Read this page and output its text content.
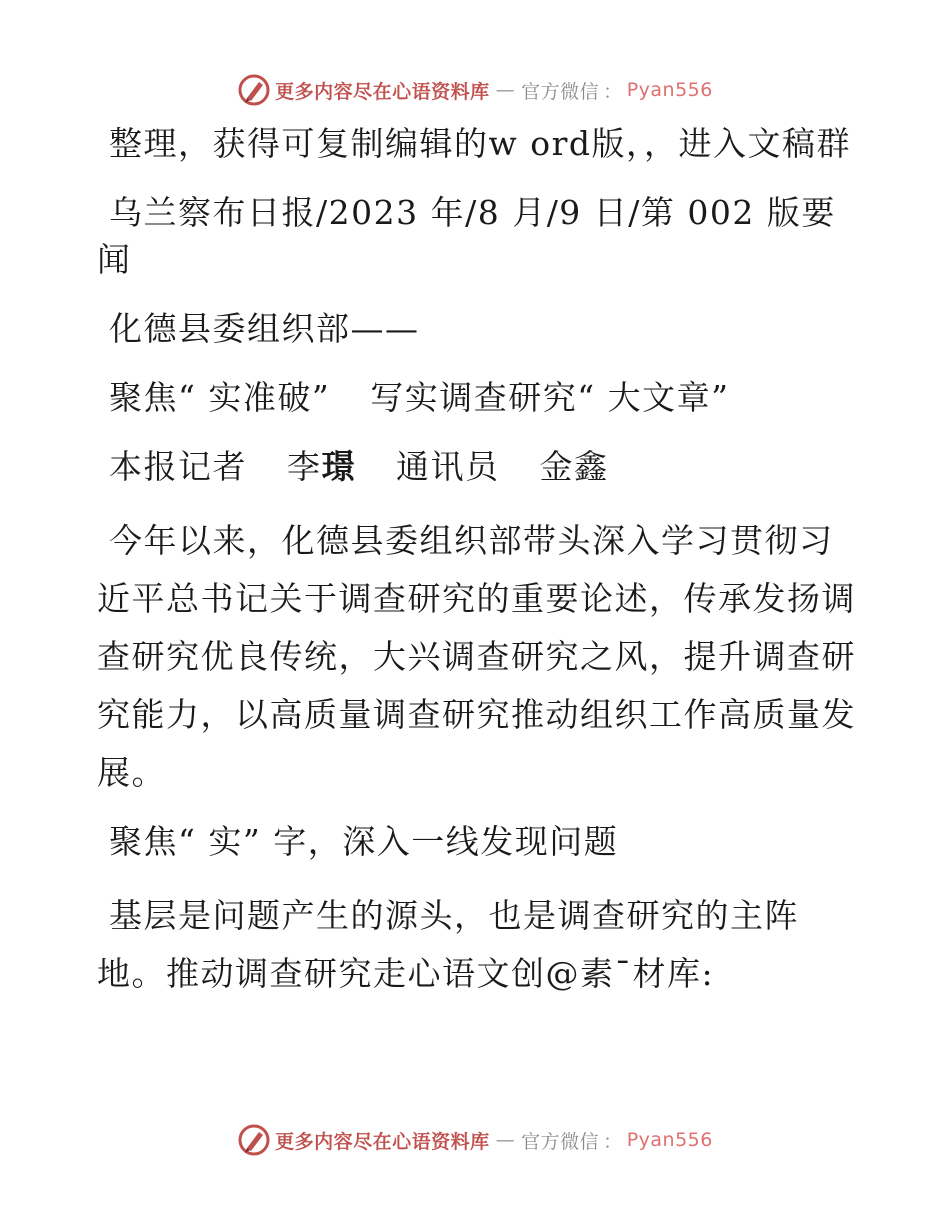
更多内容尽在心语资料库 — 官方微信 ： Pyan556

整理，获得可复制编辑的w ord版，，进入文稿群

乌兰察布日报/2023 年/8 月/9 日/第 002 版要闻

化德县委组织部——

聚焦“ 实准破” 写实调查研究“ 大文章”

本报记者 李璟 通讯员 金鑫

今年以来，化德县委组织部带头深入学习贯彻习近平总书记关于调查研究的重要论述，传承发扬调查研究优良传统，大兴调查研究之风，提升调查研究能力，以高质量调查研究推动组织工作高质量发展。

聚焦“ 实” 字，深入一线发现问题

基层是问题产生的源头，也是调查研究的主阵
地。推动调查研究走心语文创@素¯材库:

更多内容尽在心语资料库 — 官方微信 ： Pyan556
